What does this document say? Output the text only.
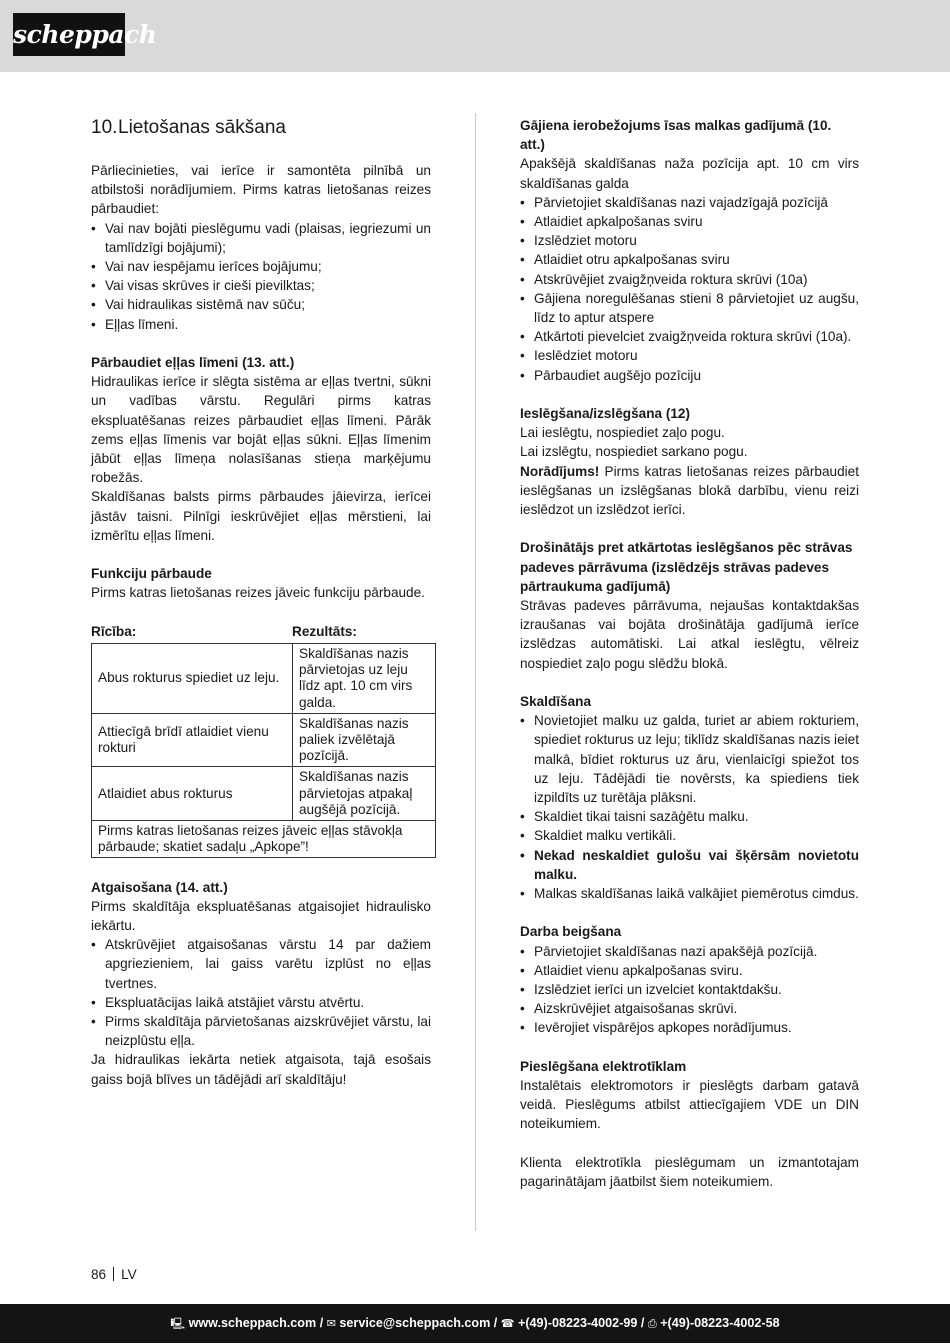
scheppach
10.Lietošanas sākšana

Pārliecinieties, vai ierīce ir samontēta pilnībā un atbilstoši norādījumiem. Pirms katras lietošanas reizes pārbaudiet:

• Vai nav bojāti pieslēgumu vadi (plaisas, iegriezumi un tamlīdzīgi bojājumi);
• Vai nav iespējamu ierīces bojājumu;
• Vai visas skrūves ir cieši pievilktas;
• Vai hidraulikas sistēmā nav sūču;
• Eļļas līmeni.
Pārbaudiet eļļas līmeni (13. att.)

Hidraulikas ierīce ir slēgta sistēma ar eļļas tvertni, sūkni un vadības vārstu. Regulāri pirms katras ekspluatēšanas reizes pārbaudiet eļļas līmeni. Pārāk zems eļļas līmenis var bojāt eļļas sūkni. Eļļas līmenim jābūt eļļas līmeņa nolasīšanas stieņa marķējumu robežās.

Skaldīšanas balsts pirms pārbaudes jāievirza, ierīcei jāstāv taisni. Pilnīgi ieskrūvējiet eļļas mērstieni, lai izmērītu eļļas līmeni.

Funkciju pārbaude

Pirms katras lietošanas reizes jāveic funkciju pārbaude.

Rīcība:	Rezultāts:
Abus rokturus spiediet uz leju.	Skaldīšanas nazis pārvietojas uz leju līdz apt. 10 cm virs galda.
Attiecīgā brīdī atlaidiet vienu rokturi	Skaldīšanas nazis paliek izvēlētajā pozīcijā.
Atlaidiet abus rokturus	Skaldīšanas nazis pārvietojas atpakaļ augšējā pozīcijā.
Pirms katras lietošanas reizes jāveic eļļas stāvokļa pārbaude; skatiet sadaļu „Apkope”!	
Atgaisošana (14. att.)

Pirms skaldītāja ekspluatēšanas atgaisojiet hidraulisko iekārtu.

• Atskrūvējiet atgaisošanas vārstu 14 par dažiem apgriezieniem, lai gaiss varētu izplūst no eļļas tvertnes.
• Ekspluatācijas laikā atstājiet vārstu atvērtu.
• Pirms skaldītāja pārvietošanas aizskrūvējiet vārstu, lai neizplūstu eļļa.

Ja hidraulikas iekārta netiek atgaisota, tajā esošais gaiss bojā blīves un tādējādi arī skaldītāju!

Gājiena ierobežojums īsas malkas gadījumā (10. att.)

Apakšējā skaldīšanas naža pozīcija apt. 10 cm virs skaldīšanas galda

• Pārvietojiet skaldīšanas nazi vajadzīgajā pozīcijā
• Atlaidiet apkalpošanas sviru
• Izslēdziet motoru
• Atlaidiet otru apkalpošanas sviru
• Atskrūvējiet zvaigžņveida roktura skrūvi (10a)
• Gājiena noregulēšanas stieni 8 pārvietojiet uz augšu, līdz to aptur atspere
• Atkārtoti pievelciet zvaigžņveida roktura skrūvi (10a).
• Ieslēdziet motoru
• Pārbaudiet augšējo pozīciju
Ieslēgšana/izslēgšana (12)

Lai ieslēgtu, nospiediet zaļo pogu.

Lai izslēgtu, nospiediet sarkano pogu.

Norādījums! Pirms katras lietošanas reizes pārbaudiet ieslēgšanas un izslēgšanas blokā darbību, vienu reizi ieslēdzot un izslēdzot ierīci.

Drošinātājs pret atkārtotas ieslēgšanos pēc strāvas padeves pārrāvuma (izslēdzējs strāvas padeves pārtraukuma gadījumā)

Strāvas padeves pārrāvuma, nejaušas kontaktdakšas izraušanas vai bojāta drošinātāja gadījumā ierīce izslēdzas automātiski. Lai atkal ieslēgtu, vēlreiz nospiediet zaļo pogu slēdžu blokā.

Skaldīšana
• Novietojiet malku uz galda, turiet ar abiem rokturiem, spiediet rokturus uz leju; tiklīdz skaldīšanas nazis ieiet malkā, bīdiet rokturus uz āru, vienlaicīgi spiežot tos uz leju. Tādējādi tie novērsts, ka spiediens tiek izpildīts uz turētāja plāksni.
• Skaldiet tikai taisni sazāģētu malku.
• Skaldiet malku vertikāli.
• Nekad neskaldiet gulošu vai šķērsām novietotu malku.
• Malkas skaldīšanas laikā valkājiet piemērotus cimdus.
Darba beigšana
• Pārvietojiet skaldīšanas nazi apakšējā pozīcijā.
• Atlaidiet vienu apkalpošanas sviru.
• Izslēdziet ierīci un izvelciet kontaktdakšu.
• Aizskrūvējiet atgaisošanas skrūvi.
• Ievērojiet vispārējos apkopes norādījumus.
Pieslēgšana elektrotīklam

Instalētais elektromotors ir pieslēgts darbam gatavā veidā. Pieslēgums atbilst attiecīgajiem VDE un DIN noteikumiem.

Klienta elektrotīkla pieslēgumam un izmantotajam pagarinātājam jāatbilst šiem noteikumiem.

86 LV
🖳 www.scheppach.com / ✉ service@scheppach.com / ☎ +(49)-08223-4002-99 / ⎙ +(49)-08223-4002-58
